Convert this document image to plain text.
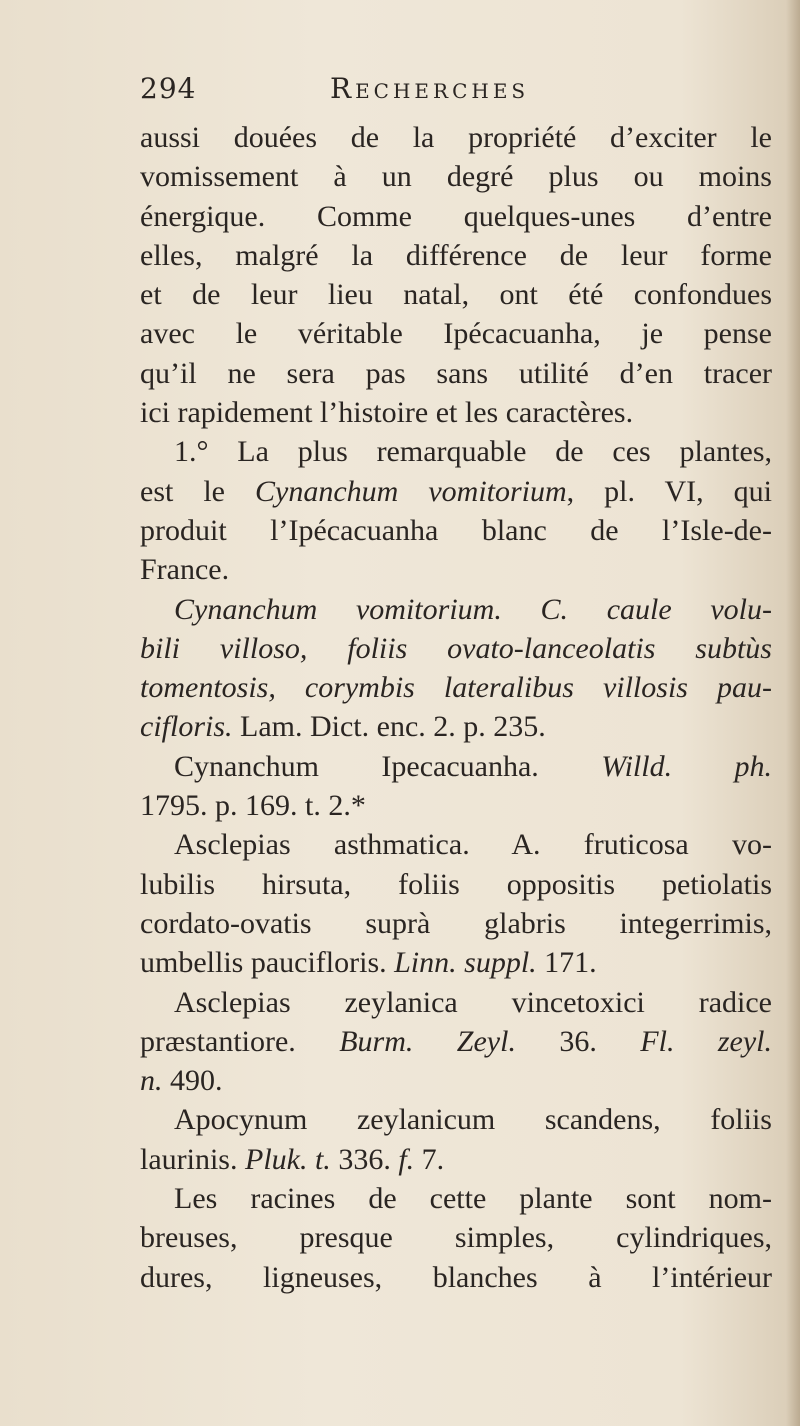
294	Recherches
aussi douées de la propriété d’exciter le
vomissement à un degré plus ou moins
énergique. Comme quelques-unes d’entre
elles, malgré la différence de leur forme
et de leur lieu natal, ont été confondues
avec le véritable Ipécacuanha, je pense
qu’il ne sera pas sans utilité d’en tracer
ici rapidement l’histoire et les caractères.
1.° La plus remarquable de ces plantes,
est le Cynanchum vomitorium, pl. VI, qui
produit l’Ipécacuanha blanc de l’Isle-de-
France.
Cynanchum vomitorium. C. caule volu-
bili villoso, foliis ovato-lanceolatis subtùs
tomentosis, corymbis lateralibus villosis pau-
cifloris. Lam. Dict. enc. 2. p. 235.
Cynanchum Ipecacuanha. Willd. ph.
1795. p. 169. t. 2.*
Asclepias asthmatica. A. fruticosa vo-
lubilis hirsuta, foliis oppositis petiolatis
cordato-ovatis suprà glabris integerrimis,
umbellis paucifloris. Linn. suppl. 171.
Asclepias zeylanica vincetoxici radice
præstantiore. Burm. Zeyl. 36. Fl. zeyl.
n. 490.
Apocynum zeylanicum scandens, foliis
laurinis. Pluk. t. 336. f. 7.
Les racines de cette plante sont nom-
breuses, presque simples, cylindriques,
dures, ligneuses, blanches à l’intérieur
